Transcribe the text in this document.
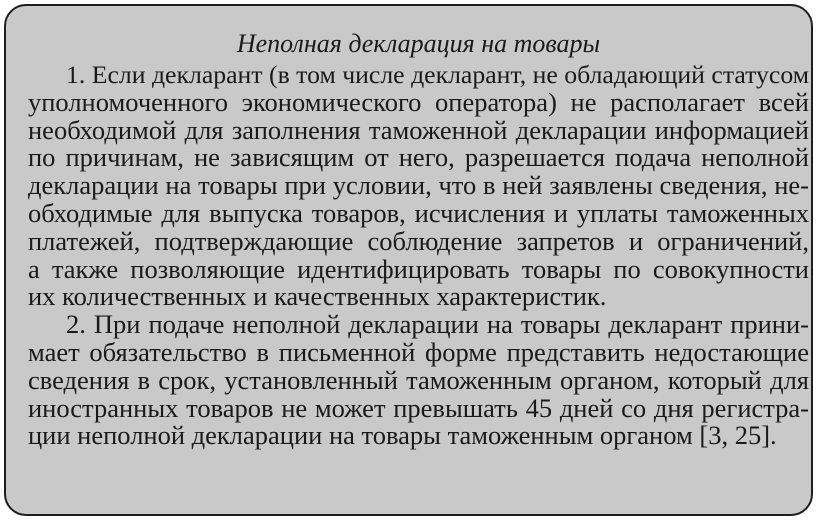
Неполная декларация на товары
1. Если декларант (в том числе декларант, не обладающий статусом
уполномоченного экономического оператора) не располагает всей
необходимой для заполнения таможенной декларации информацией
по причинам, не зависящим от него, разрешается подача неполной
декларации на товары при условии, что в ней заявлены сведения, не-
обходимые для выпуска товаров, исчисления и уплаты таможенных
платежей, подтверждающие соблюдение запретов и ограничений,
а также позволяющие идентифицировать товары по совокупности
их количественных и качественных характеристик.
2. При подаче неполной декларации на товары декларант прини-
мает обязательство в письменной форме представить недостающие
сведения в срок, установленный таможенным органом, который для
иностранных товаров не может превышать 45 дней со дня регистра-
ции неполной декларации на товары таможенным органом [3, 25].
